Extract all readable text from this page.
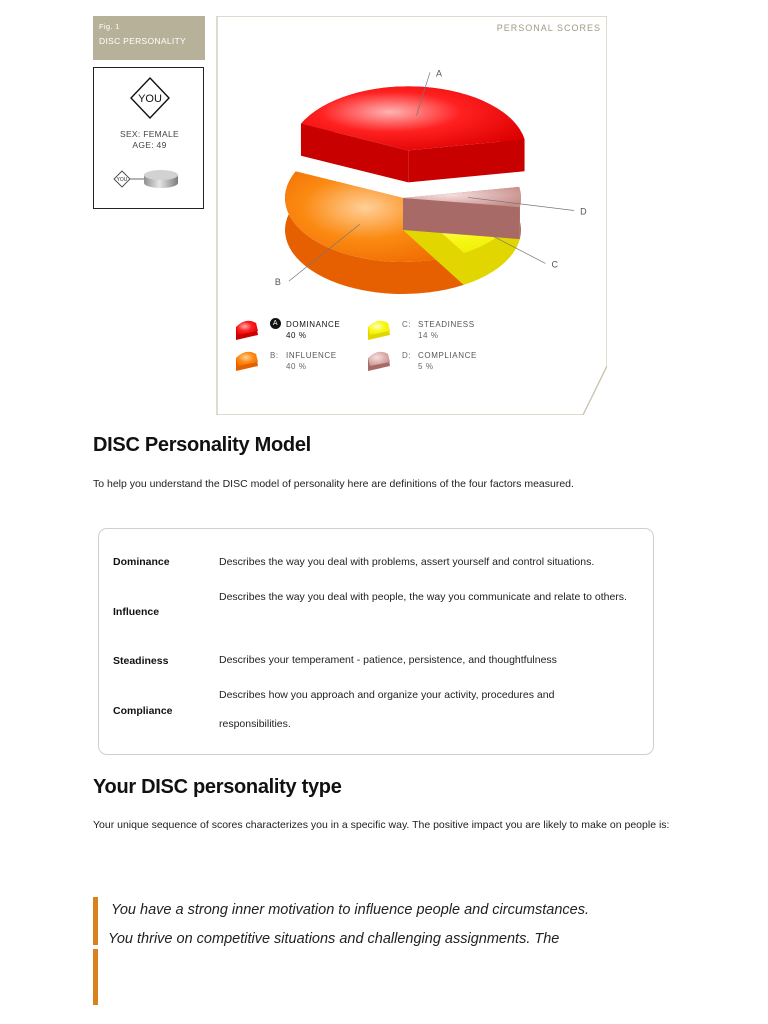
Fig. 1
DISC PERSONALITY
YOU
YOU
SEX: FEMALE
AGE: 49
A
B
C
D
PERSONAL SCORES
A DOMINANCE
40 %
B: INFLUENCE
40 %
C: STEADINESS
14 %
D: COMPLIANCE
5 %
DISC Personality Model
To help you understand the DISC model of personality here are definitions of the four factors measured.
Dominance	Describes the way you deal with problems, assert yourself and control situations.
Influence
Describes the way you deal with people, the way you communicate and relate to others.
Steadiness	Describes your temperament - patience, persistence, and thoughtfulness
Compliance
Describes how you approach and organize your activity, procedures and responsibilities.
Your DISC personality type
Your unique sequence of scores characterizes you in a specific way. The positive impact you are likely to make on people is:
You have a strong inner motivation to influence people and circumstances.
You thrive on competitive situations and challenging assignments. The
